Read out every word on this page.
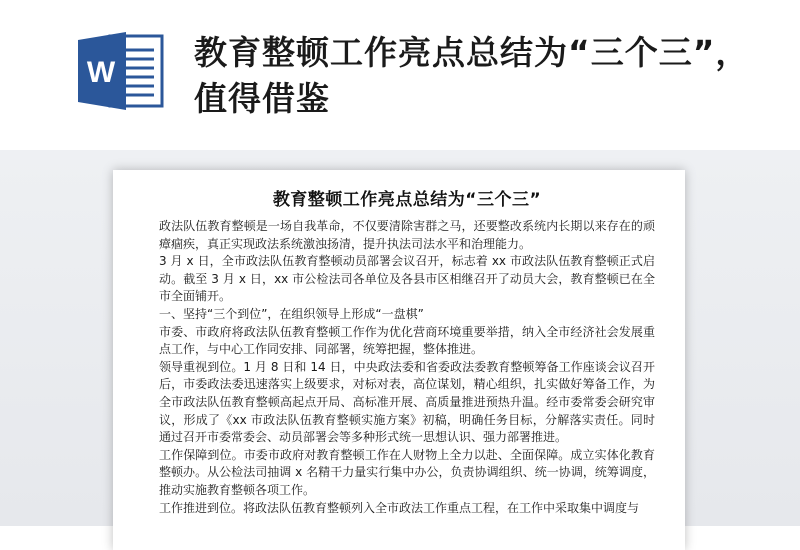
W
教育整顿工作亮点总结为“三个三”，值得借鉴
教育整顿工作亮点总结为“三个三”

政法队伍教育整顿是一场自我革命，不仅要清除害群之马，还要整改系统内长期以来存在的顽瘴痼疾，真正实现政法系统激浊扬清，提升执法司法水平和治理能力。

3 月 x 日，全市政法队伍教育整顿动员部署会议召开，标志着 xx 市政法队伍教育整顿正式启动。截至 3 月 x 日，xx 市公检法司各单位及各县市区相继召开了动员大会，教育整顿已在全市全面铺开。

一、坚持“三个到位”，在组织领导上形成“一盘棋”

市委、市政府将政法队伍教育整顿工作作为优化营商环境重要举措，纳入全市经济社会发展重点工作，与中心工作同安排、同部署，统筹把握，整体推进。

领导重视到位。1 月 8 日和 14 日，中央政法委和省委政法委教育整顿筹备工作座谈会议召开后，市委政法委迅速落实上级要求，对标对表，高位谋划，精心组织，扎实做好筹备工作，为全市政法队伍教育整顿高起点开局、高标准开展、高质量推进预热升温。经市委常委会研究审议，形成了《xx 市政法队伍教育整顿实施方案》初稿，明确任务目标，分解落实责任。同时通过召开市委常委会、动员部署会等多种形式统一思想认识、强力部署推进。

工作保障到位。市委市政府对教育整顿工作在人财物上全力以赴、全面保障。成立实体化教育整顿办。从公检法司抽调 x 名精干力量实行集中办公，负责协调组织、统一协调，统筹调度，推动实施教育整顿各项工作。

工作推进到位。将政法队伍教育整顿列入全市政法工作重点工程，在工作中采取集中调度与
